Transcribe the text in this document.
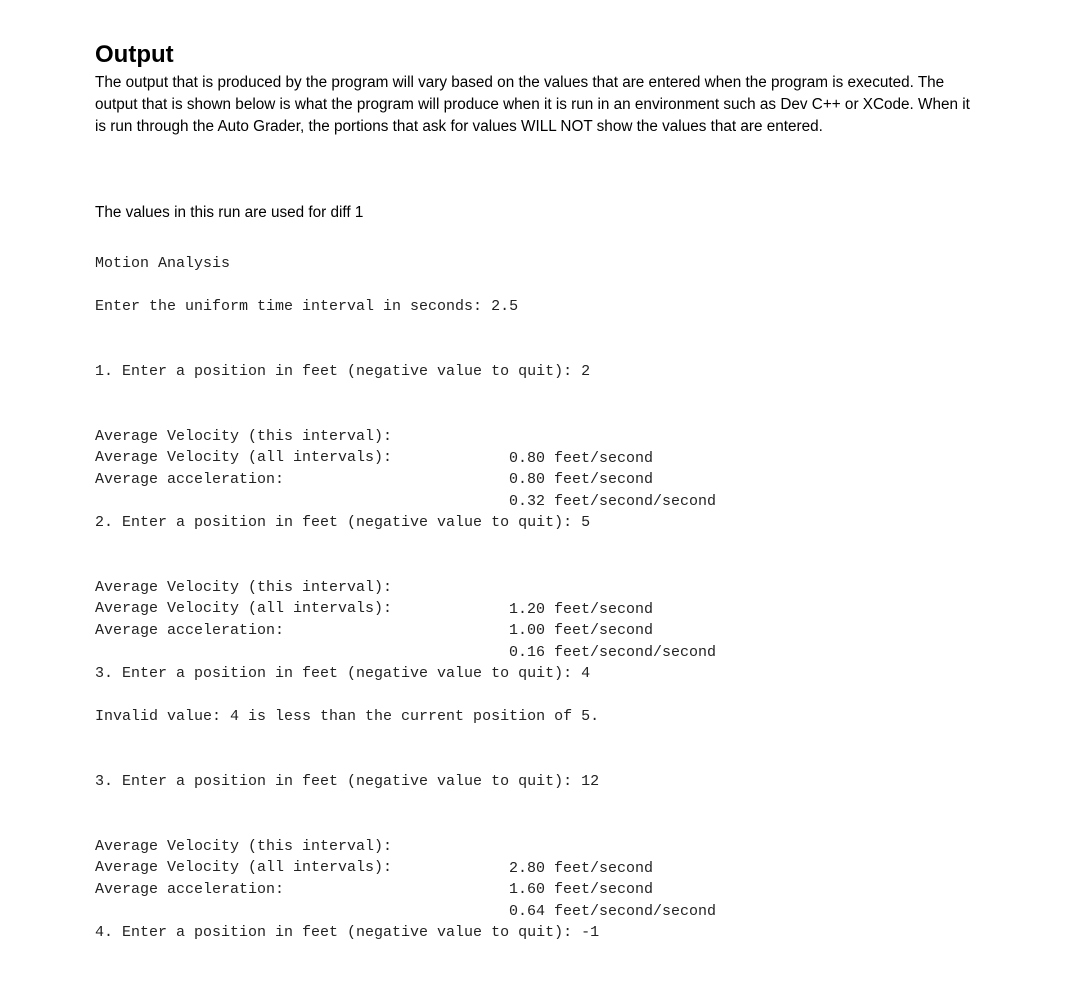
Output

The output that is produced by the program will vary based on the values that are entered when the program is executed. The output that is shown below is what the program will produce when it is run in an environment such as Dev C++ or XCode. When it is run through the Auto Grader, the portions that ask for values WILL NOT show the values that are entered.

The values in this run are used for diff 1

Motion Analysis

Enter the uniform time interval in seconds: 2.5

1. Enter a position in feet (negative value to quit): 2

Average Velocity (this interval):

0.80 feet/second

Average Velocity (all intervals):

0.80 feet/second

Average acceleration:

0.32 feet/second/second

2. Enter a position in feet (negative value to quit): 5

Average Velocity (this interval):

1.20 feet/second

Average Velocity (all intervals):

1.00 feet/second

Average acceleration:

0.16 feet/second/second

3. Enter a position in feet (negative value to quit): 4

Invalid value: 4 is less than the current position of 5.

3. Enter a position in feet (negative value to quit): 12

Average Velocity (this interval):

2.80 feet/second

Average Velocity (all intervals):

1.60 feet/second

Average acceleration:

0.64 feet/second/second

4. Enter a position in feet (negative value to quit): -1
